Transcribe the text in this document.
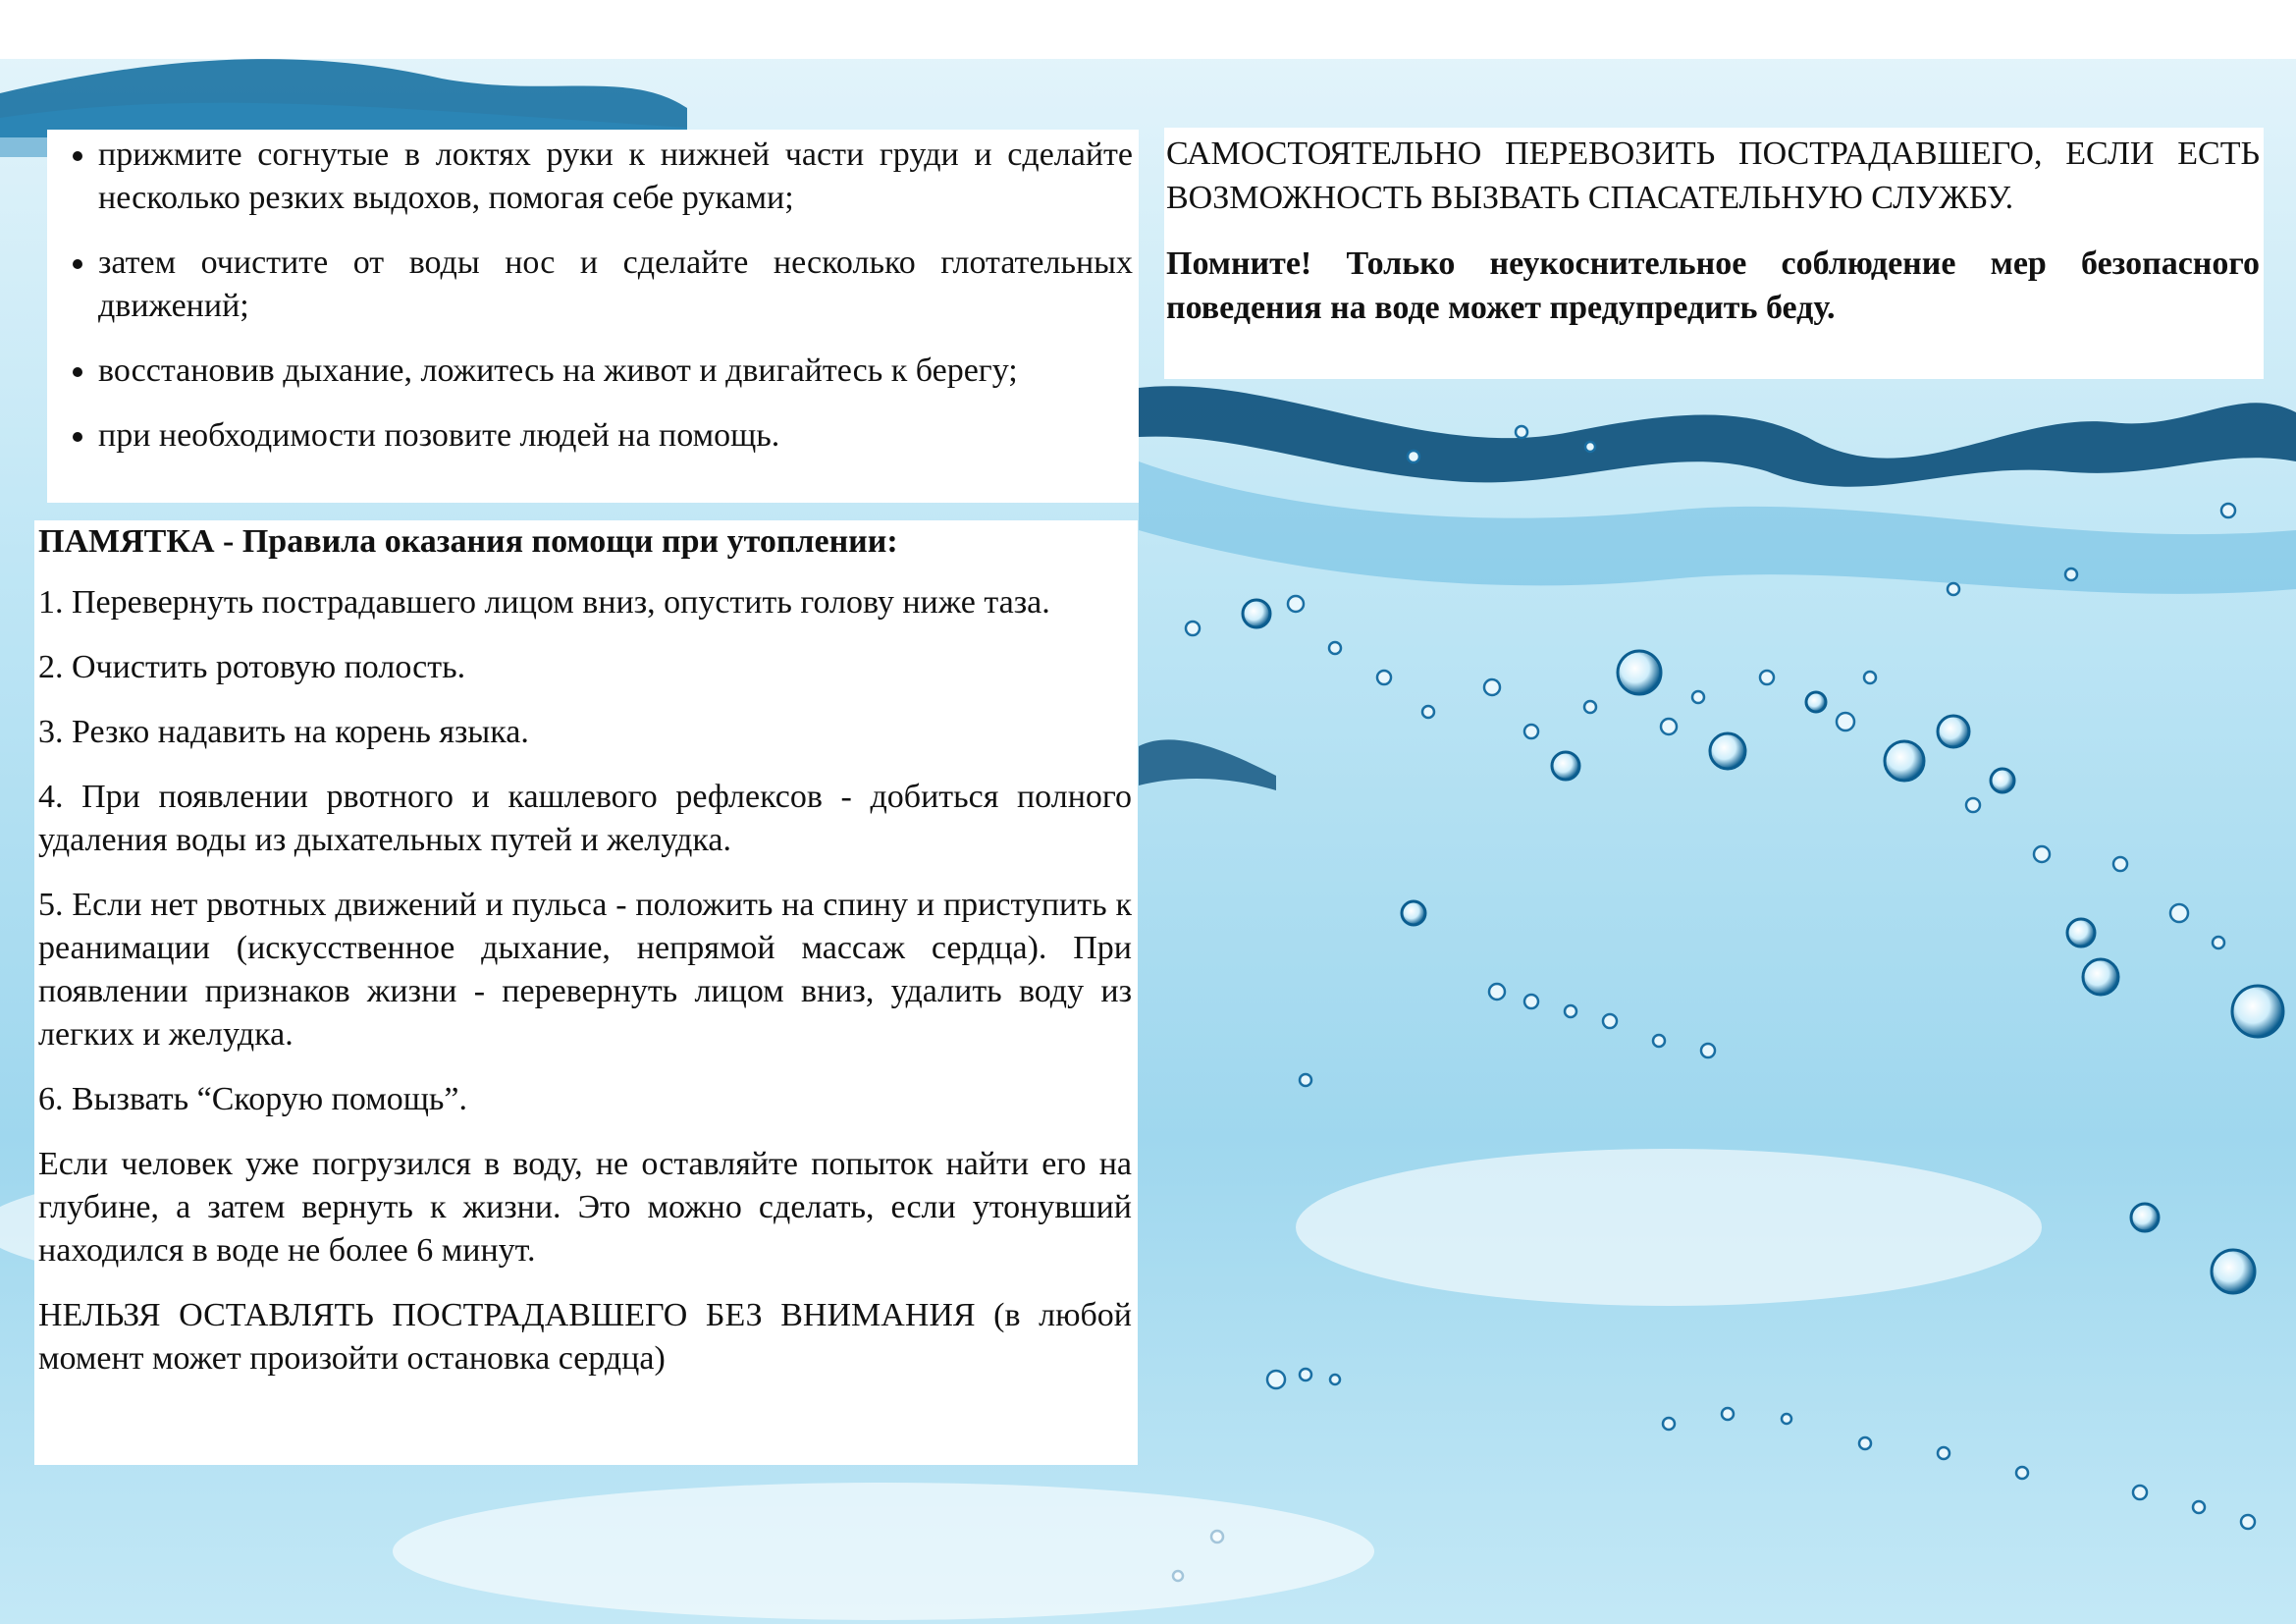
• прижмите согнутые в локтях руки к нижней части груди и сделайте несколько резких выдохов, помогая себе руками;
• затем очистите от воды нос и сделайте несколько глотательных движений;
• восстановив дыхание, ложитесь на живот и двигайтесь к берегу;
• при необходимости позовите людей на помощь.

ПАМЯТКА - Правила оказания помощи при утоплении:

1. Перевернуть пострадавшего лицом вниз, опустить голову ниже таза.

2. Очистить ротовую полость.

3. Резко надавить на корень языка.

4. При появлении рвотного и кашлевого рефлексов - добиться полного удаления воды из дыхательных путей и желудка.

5. Если нет рвотных движений и пульса - положить на спину и приступить к реанимации (искусственное дыхание, непрямой массаж сердца). При появлении признаков жизни - перевернуть лицом вниз, удалить воду из легких и желудка.

6. Вызвать “Скорую помощь”.

Если человек уже погрузился в воду, не оставляйте попыток найти его на глубине, а затем вернуть к жизни. Это можно сделать, если утонувший находился в воде не более 6 минут.

НЕЛЬЗЯ ОСТАВЛЯТЬ ПОСТРАДАВШЕГО БЕЗ ВНИМАНИЯ (в любой момент может произойти остановка сердца)

САМОСТОЯТЕЛЬНО ПЕРЕВОЗИТЬ ПОСТРАДАВШЕГО, ЕСЛИ ЕСТЬ ВОЗМОЖНОСТЬ ВЫЗВАТЬ СПАСАТЕЛЬНУЮ СЛУЖБУ.

Помните! Только неукоснительное соблюдение мер безопасного поведения на воде может предупредить беду.
